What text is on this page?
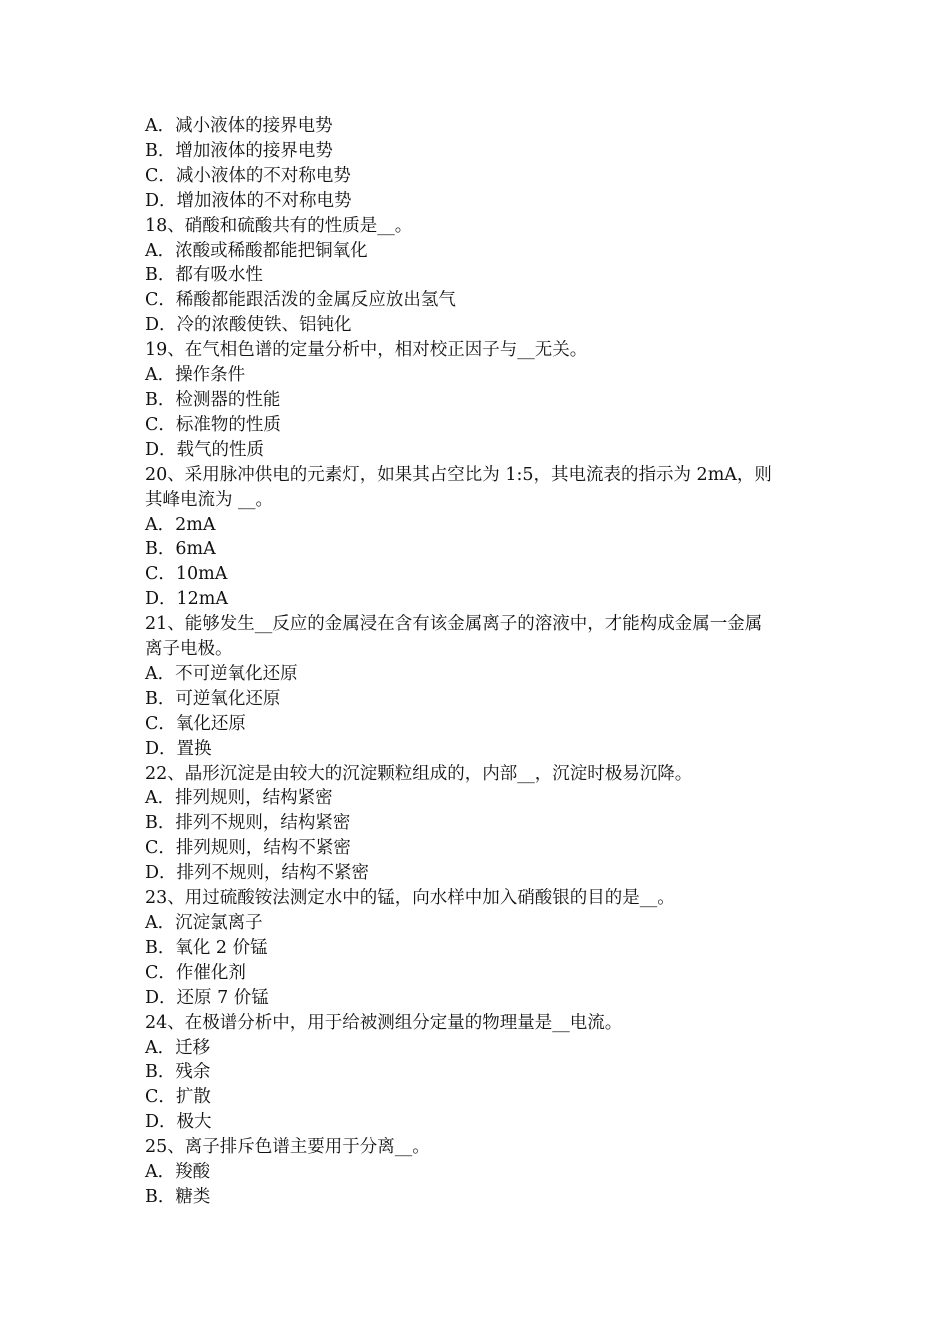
A．减小液体的接界电势
B．增加液体的接界电势
C．减小液体的不对称电势
D．增加液体的不对称电势
18、硝酸和硫酸共有的性质是__。
A．浓酸或稀酸都能把铜氧化
B．都有吸水性
C．稀酸都能跟活泼的金属反应放出氢气
D．冷的浓酸使铁、铝钝化
19、在气相色谱的定量分析中，相对校正因子与__无关。
A．操作条件
B．检测器的性能
C．标准物的性质
D．载气的性质
20、采用脉冲供电的元素灯，如果其占空比为 1:5，其电流表的指示为 2mA，则
其峰电流为 __。
A．2mA
B．6mA
C．10mA
D．12mA
21、能够发生__反应的金属浸在含有该金属离子的溶液中，才能构成金属一金属
离子电极。
A．不可逆氧化还原
B．可逆氧化还原
C．氧化还原
D．置换
22、晶形沉淀是由较大的沉淀颗粒组成的，内部__，沉淀时极易沉降。
A．排列规则，结构紧密
B．排列不规则，结构紧密
C．排列规则，结构不紧密
D．排列不规则，结构不紧密
23、用过硫酸铵法测定水中的锰，向水样中加入硝酸银的目的是__。
A．沉淀氯离子
B．氧化 2 价锰
C．作催化剂
D．还原 7 价锰
24、在极谱分析中，用于给被测组分定量的物理量是__电流。
A．迁移
B．残余
C．扩散
D．极大
25、离子排斥色谱主要用于分离__。
A．羧酸
B．糖类
